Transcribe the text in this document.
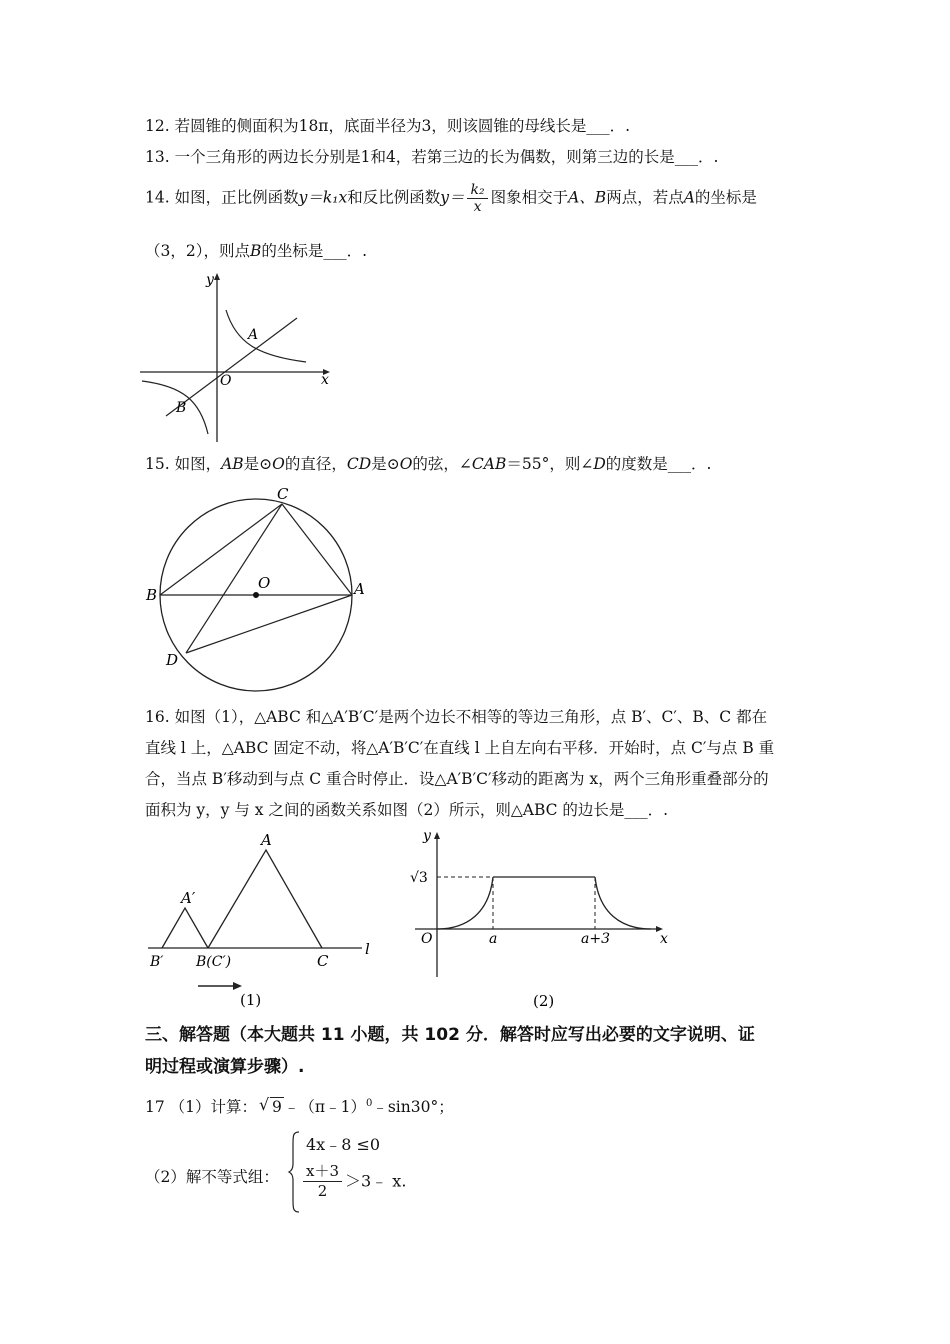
12. 若圆锥的侧面积为18π，底面半径为3，则该圆锥的母线长是___．.
13. 一个三角形的两边长分别是1和4，若第三边的长为偶数，则第三边的长是___．.
14. 如图，正比例函数y＝k₁x和反比例函数$y= \frac{\text{k₂}}{x}$ 图象相交于A、B两点，若点A的坐标是
（3，2），则点B的坐标是___．.
y
x
O
A
B
15. 如图，AB是⊙O的直径，CD是⊙O的弦，∠CAB＝55°，则∠D的度数是___．.
C
O
B	A
D
16. 如图（1），△ABC 和△A′B′C′是两个边长不相等的等边三角形，点 B′、C′、B、C 都在
直线 l 上，△ABC 固定不动，将△A′B′C′在直线 l 上自左向右平移．开始时，点 C′与点 B 重
合，当点 B′移动到与点 C 重合时停止．设△A′B′C′移动的距离为 x，两个三角形重叠部分的
面积为 y，y 与 x 之间的函数关系如图（2）所示，则△ABC 的边长是___．.
A
A′
B′ B(C′)	C
l
(1)
y
√3
O	a	a+3	x
(2)
三、解答题（本大题共 11 小题，共 102 分．解答时应写出必要的文字说明、证
明过程或演算步骤）.
17 （1）计算： √ 9 ﹣（π﹣1）$^0$﹣sin30°；
（2）解不等式组：
4x﹣8 ≤0
$\frac{x+3}{2}$ ＞3﹣ x.
